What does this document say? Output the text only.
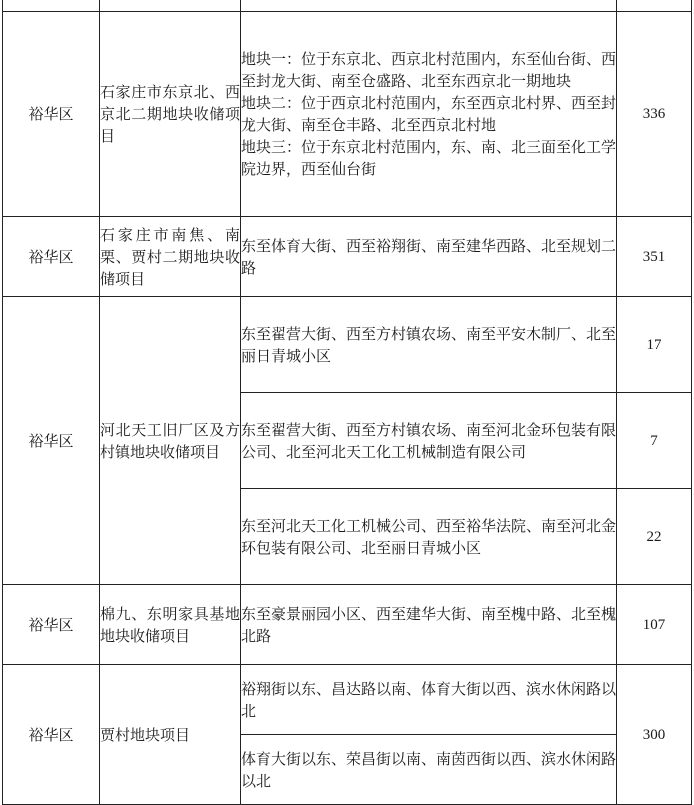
裕华区	石家庄市东京北、西京北二期地块收储项目	地块一：位于东京北、西京北村范围内，东至仙台街、西至封龙大街、南至仓盛路、北至东西京北一期地块
地块二：位于西京北村范围内，东至西京北村界、西至封龙大街、南至仓丰路、北至西京北村地
地块三：位于东京北村范围内，东、南、北三面至化工学院边界，西至仙台街	336
裕华区	石家庄市南焦、南栗、贾村二期地块收储项目	东至体育大街、西至裕翔街、南至建华西路、北至规划二路	351
裕华区	河北天工旧厂区及方村镇地块收储项目	东至翟营大街、西至方村镇农场、南至平安木制厂、北至丽日青城小区	17
		东至翟营大街、西至方村镇农场、南至河北金环包装有限公司、北至河北天工化工机械制造有限公司	7
		东至河北天工化工机械公司、西至裕华法院、南至河北金环包装有限公司、北至丽日青城小区	22
裕华区	棉九、东明家具基地地块收储项目	东至豪景丽园小区、西至建华大街、南至槐中路、北至槐北路	107
裕华区	贾村地块项目	裕翔街以东、昌达路以南、体育大街以西、滨水休闲路以北	300
		体育大街以东、荣昌街以南、南茵西街以西、滨水休闲路以北	
